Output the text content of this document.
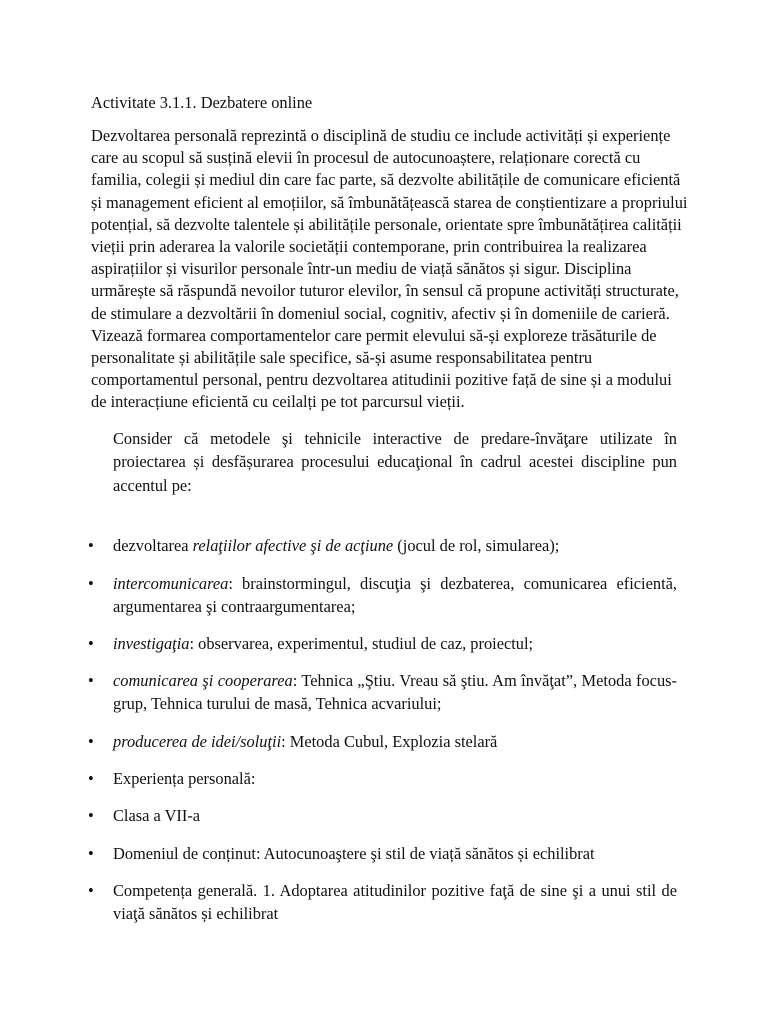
Activitate 3.1.1. Dezbatere online

Dezvoltarea personală reprezintă o disciplină de studiu ce include activități și experiențe care au scopul să susțină elevii în procesul de autocunoaștere, relaționare corectă cu familia, colegii și mediul din care fac parte, să dezvolte abilitățile de comunicare eficientă și management eficient al emoțiilor, să îmbunătățească starea de conștientizare a propriului potențial, să dezvolte talentele și abilitățile personale, orientate spre îmbunătățirea calității vieții prin aderarea la valorile societății contemporane, prin contribuirea la realizarea aspirațiilor și visurilor personale într-un mediu de viață sănătos și sigur. Disciplina urmărește să răspundă nevoilor tuturor elevilor, în sensul că propune activități structurate, de stimulare a dezvoltării în domeniul social, cognitiv, afectiv și în domeniile de carieră. Vizează formarea comportamentelor care permit elevului să-și exploreze trăsăturile de personalitate și abilitățile sale specifice, să-și asume responsabilitatea pentru comportamentul personal, pentru dezvoltarea atitudinii pozitive față de sine și a modului de interacțiune eficientă cu ceilalți pe tot parcursul vieții.

Consider că metodele şi tehnicile interactive de predare-învăţare utilizate în proiectarea și desfășurarea procesului educaţional în cadrul acestei discipline pun accentul pe:

• dezvoltarea relaţiilor afective şi de acţiune (jocul de rol, simularea);
• intercomunicarea: brainstormingul, discuţia şi dezbaterea, comunicarea eficientă, argumentarea şi contraargumentarea;
• investigaţia: observarea, experimentul, studiul de caz, proiectul;
• comunicarea şi cooperarea: Tehnica „Ştiu. Vreau să ştiu. Am învăţat”, Metoda focus-grup, Tehnica turului de masă, Tehnica acvariului;
• producerea de idei/soluţii: Metoda Cubul, Explozia stelară
• Experiența personală:
• Clasa a VII-a
• Domeniul de conținut: Autocunoaştere şi stil de viață sănătos și echilibrat
• Competența generală. 1. Adoptarea atitudinilor pozitive faţă de sine şi a unui stil de viaţă sănătos și echilibrat
